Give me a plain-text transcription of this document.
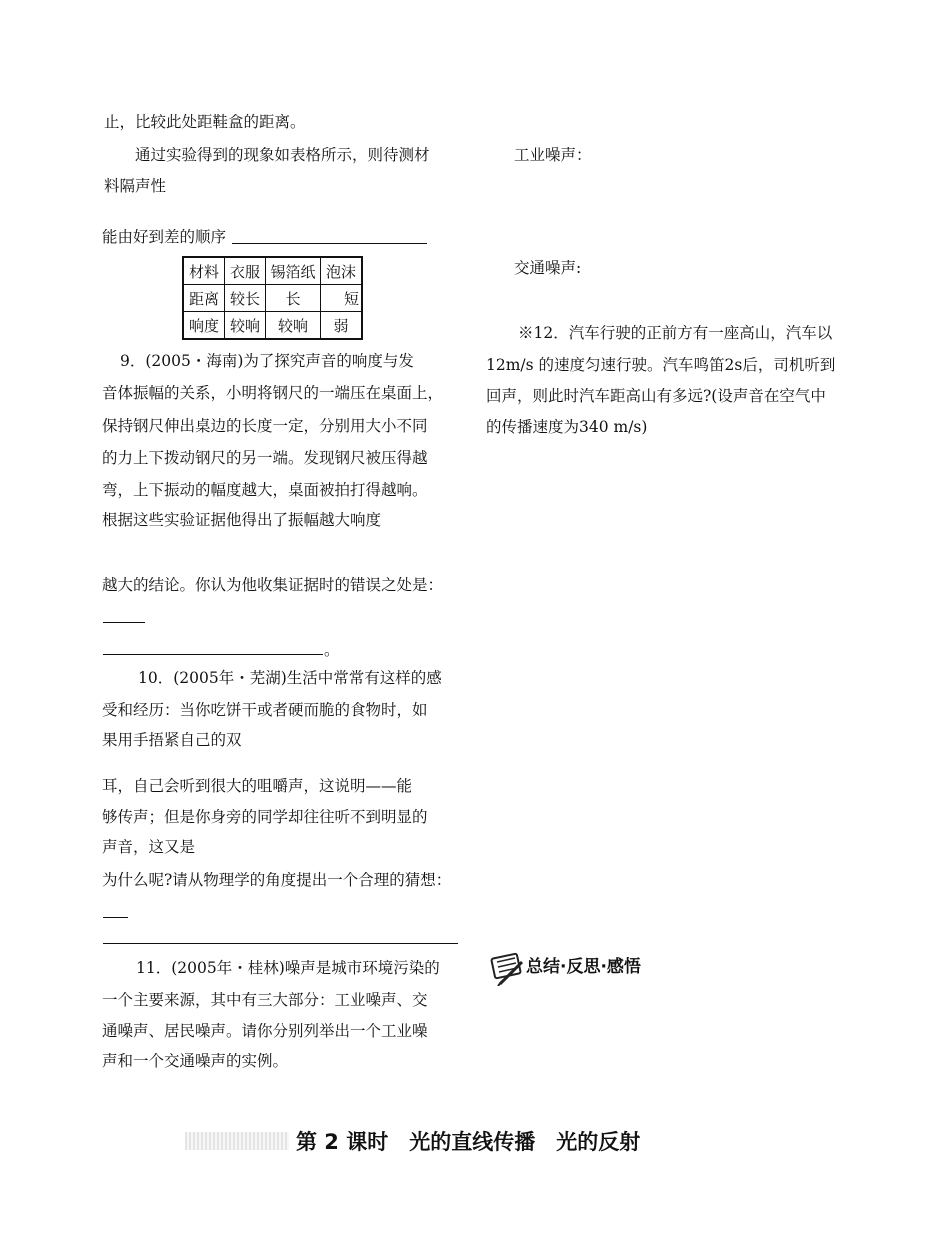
止，比较此处距鞋盒的距离。
通过实验得到的现象如表格所示，则待测材
料隔声性
能由好到差的顺序
材料	衣服	锡箔纸	泡沫
距离	较长	长	短
响度	较响	较响	弱
9．(2005・海南)为了探究声音的响度与发
音体振幅的关系，小明将钢尺的一端压在桌面上，
保持钢尺伸出桌边的长度一定，分别用大小不同
的力上下拨动钢尺的另一端。发现钢尺被压得越
弯，上下振动的幅度越大，桌面被拍打得越响。
根据这些实验证据他得出了振幅越大响度
越大的结论。你认为他收集证据时的错误之处是：
。
10．(2005年・芜湖)生活中常常有这样的感
受和经历：当你吃饼干或者硬而脆的食物时，如
果用手捂紧自己的双
耳，自己会听到很大的咀嚼声，这说明——能
够传声；但是你身旁的同学却往往听不到明显的
声音，这又是
为什么呢?请从物理学的角度提出一个合理的猜想：
11．(2005年・桂林)噪声是城市环境污染的
一个主要来源，其中有三大部分：工业噪声、交
通噪声、居民噪声。请你分别列举出一个工业噪
声和一个交通噪声的实例。
工业噪声：
交通噪声:
※12．汽车行驶的正前方有一座高山，汽车以
12m/s 的速度匀速行驶。汽车鸣笛2s后，司机听到
回声，则此时汽车距高山有多远?(设声音在空气中
的传播速度为340 m/s)
总结·反思·感悟
第 2 课时　光的直线传播　光的反射
